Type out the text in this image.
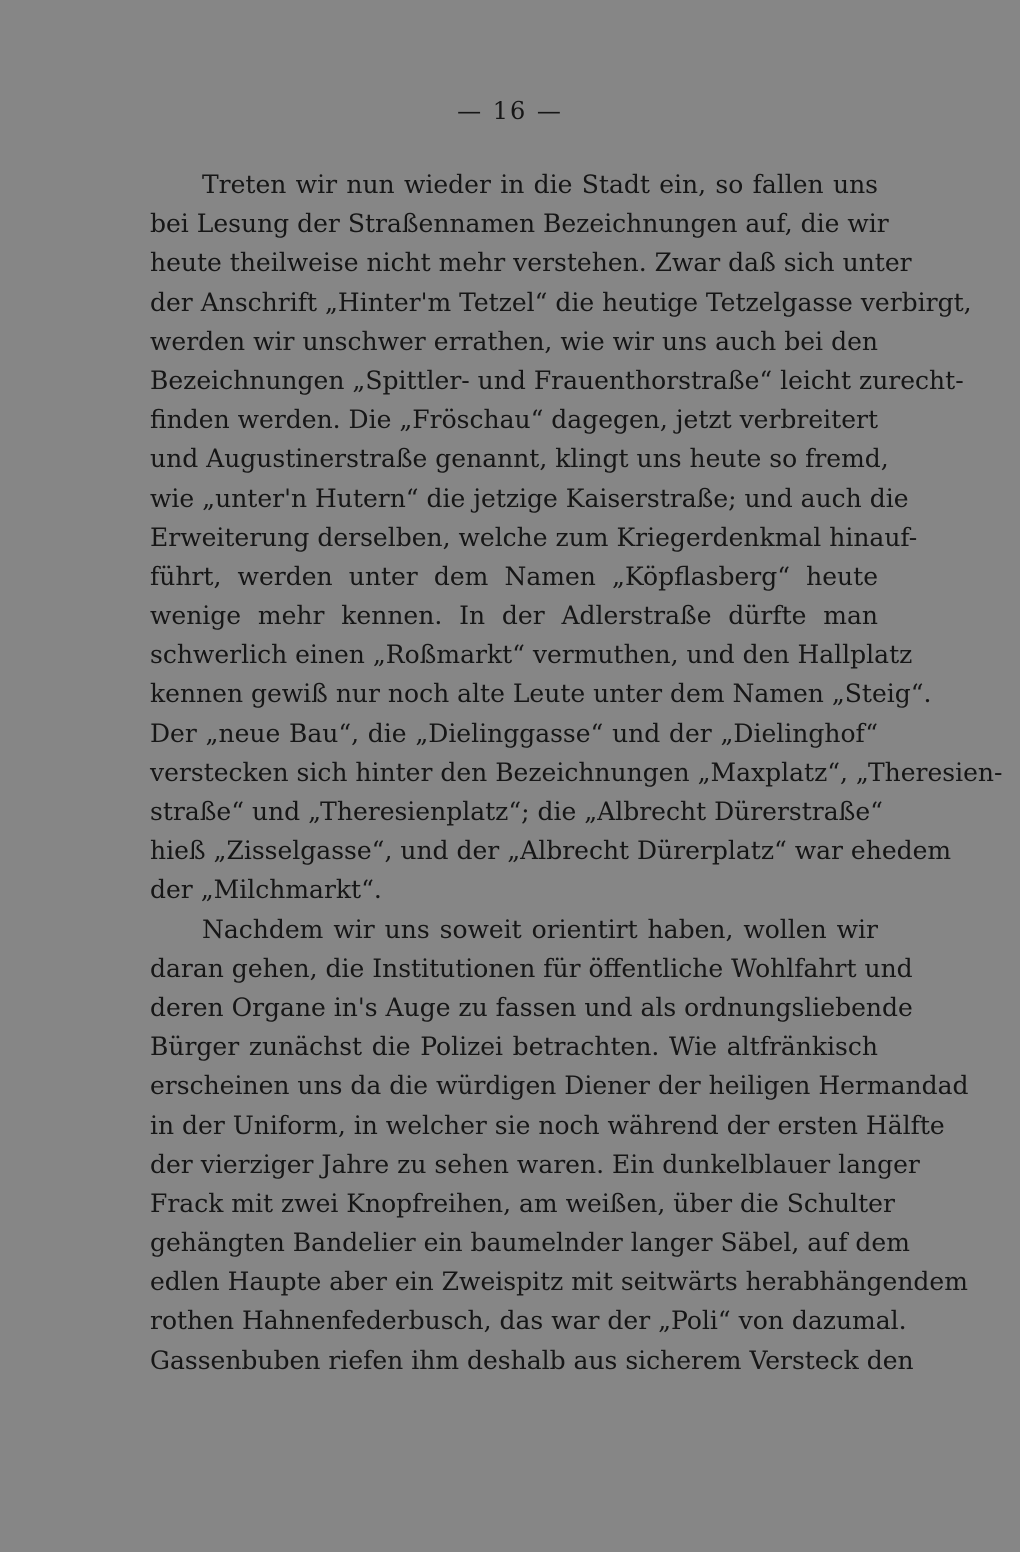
— 16 —
Treten wir nun wieder in die Stadt ein, so fallen uns
bei Lesung der Straßennamen Bezeichnungen auf, die wir
heute theilweise nicht mehr verstehen. Zwar daß sich unter
der Anschrift „Hinter'm Tetzel“ die heutige Tetzelgasse verbirgt,
werden wir unschwer errathen, wie wir uns auch bei den
Bezeichnungen „Spittler- und Frauenthorstraße“ leicht zurecht-
finden werden. Die „Fröschau“ dagegen, jetzt verbreitert
und Augustinerstraße genannt, klingt uns heute so fremd,
wie „unter'n Hutern“ die jetzige Kaiserstraße; und auch die
Erweiterung derselben, welche zum Kriegerdenkmal hinauf-
führt, werden unter dem Namen „Köpflasberg“ heute
wenige mehr kennen. In der Adlerstraße dürfte man
schwerlich einen „Roßmarkt“ vermuthen, und den Hallplatz
kennen gewiß nur noch alte Leute unter dem Namen „Steig“.
Der „neue Bau“, die „Dielinggasse“ und der „Dielinghof“
verstecken sich hinter den Bezeichnungen „Maxplatz“, „Theresien-
straße“ und „Theresienplatz“; die „Albrecht Dürerstraße“
hieß „Zisselgasse“, und der „Albrecht Dürerplatz“ war ehedem
der „Milchmarkt“.
Nachdem wir uns soweit orientirt haben, wollen wir
daran gehen, die Institutionen für öffentliche Wohlfahrt und
deren Organe in's Auge zu fassen und als ordnungsliebende
Bürger zunächst die Polizei betrachten. Wie altfränkisch
erscheinen uns da die würdigen Diener der heiligen Hermandad
in der Uniform, in welcher sie noch während der ersten Hälfte
der vierziger Jahre zu sehen waren. Ein dunkelblauer langer
Frack mit zwei Knopfreihen, am weißen, über die Schulter
gehängten Bandelier ein baumelnder langer Säbel, auf dem
edlen Haupte aber ein Zweispitz mit seitwärts herabhängendem
rothen Hahnenfederbusch, das war der „Poli“ von dazumal.
Gassenbuben riefen ihm deshalb aus sicherem Versteck den
